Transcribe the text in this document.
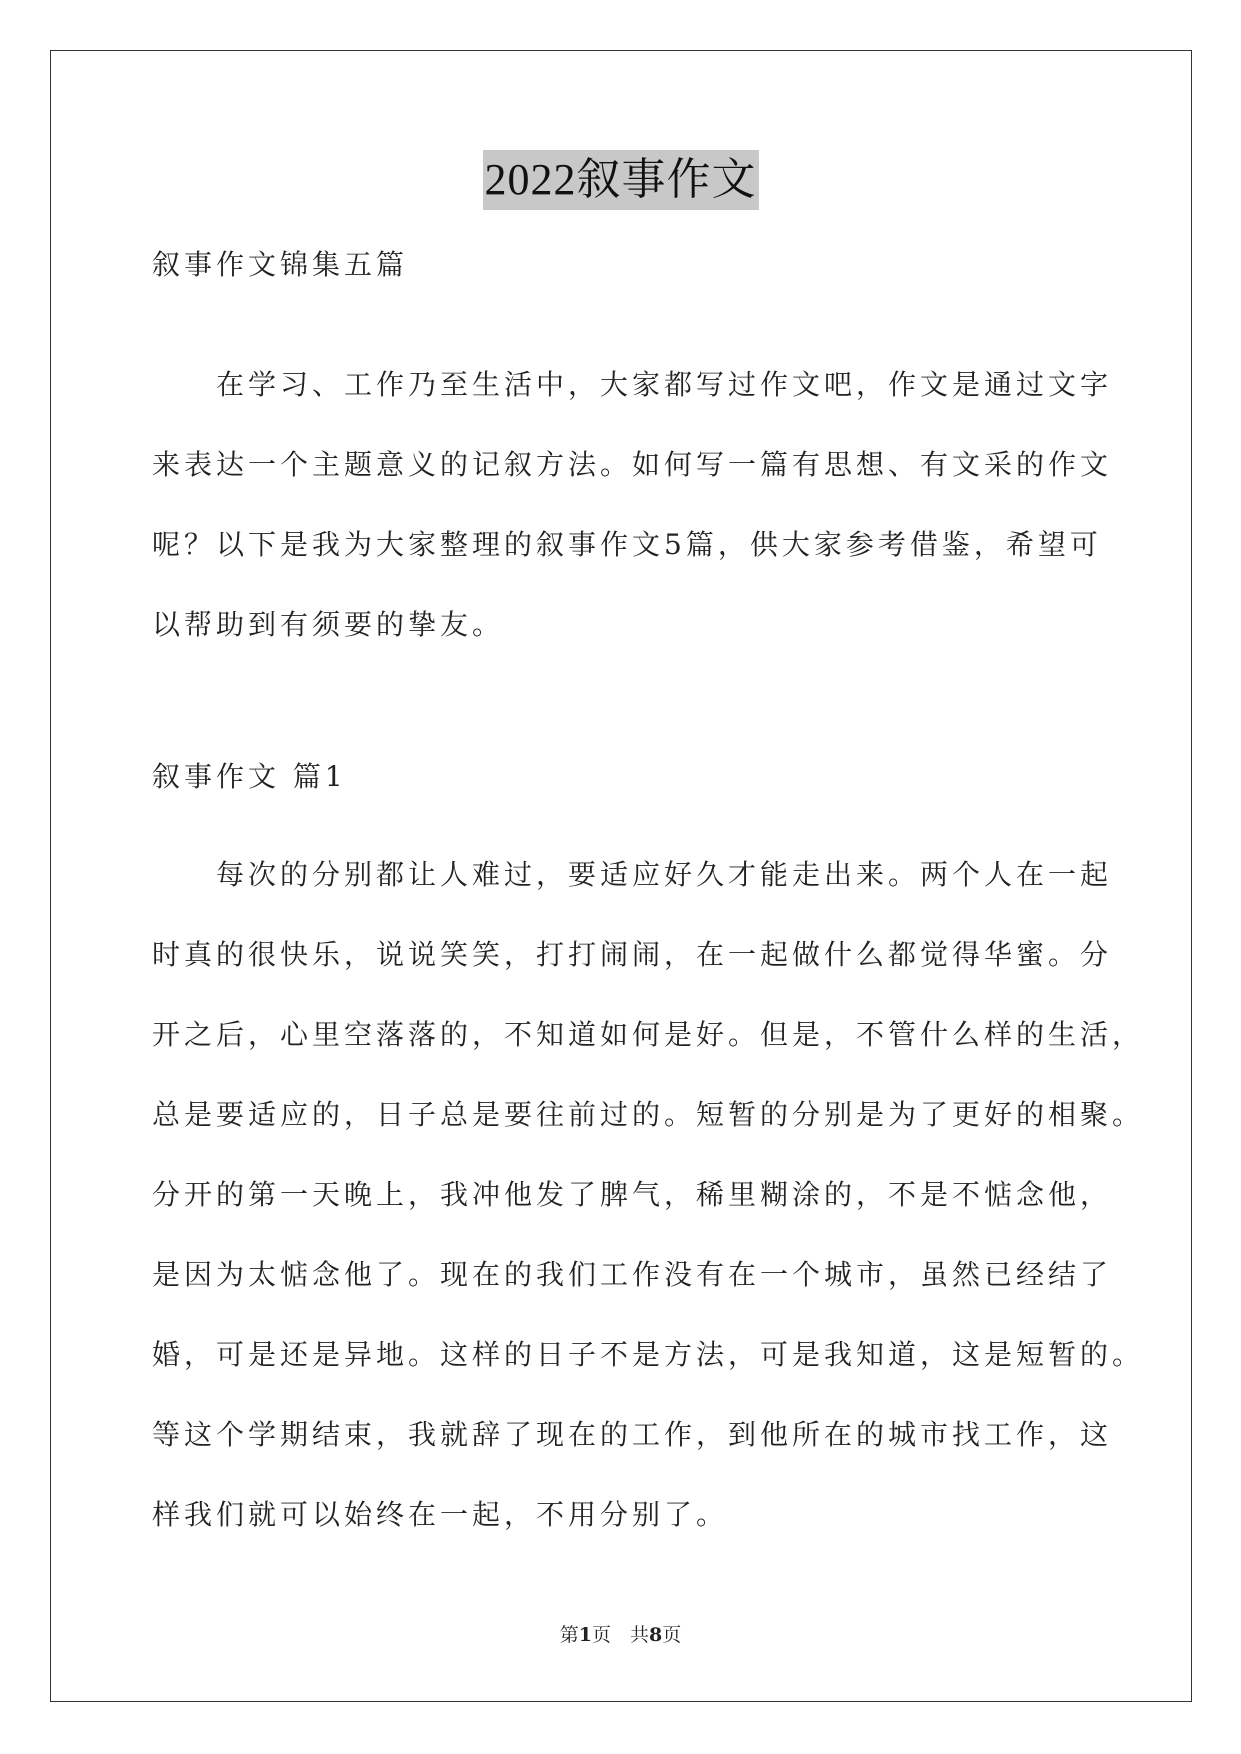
2022叙事作文
叙事作文锦集五篇
　　在学习、工作乃至生活中，大家都写过作文吧，作文是通过文字
来表达一个主题意义的记叙方法。如何写一篇有思想、有文采的作文
呢？以下是我为大家整理的叙事作文5篇，供大家参考借鉴，希望可
以帮助到有须要的挚友。
叙事作文 篇1
　　每次的分别都让人难过，要适应好久才能走出来。两个人在一起
时真的很快乐，说说笑笑，打打闹闹，在一起做什么都觉得华蜜。分
开之后，心里空落落的，不知道如何是好。但是，不管什么样的生活，
总是要适应的，日子总是要往前过的。短暂的分别是为了更好的相聚。
分开的第一天晚上，我冲他发了脾气，稀里糊涂的，不是不惦念他，
是因为太惦念他了。现在的我们工作没有在一个城市，虽然已经结了
婚，可是还是异地。这样的日子不是方法，可是我知道，这是短暂的。
等这个学期结束，我就辞了现在的工作，到他所在的城市找工作，这
样我们就可以始终在一起，不用分别了。
第1页　共8页
